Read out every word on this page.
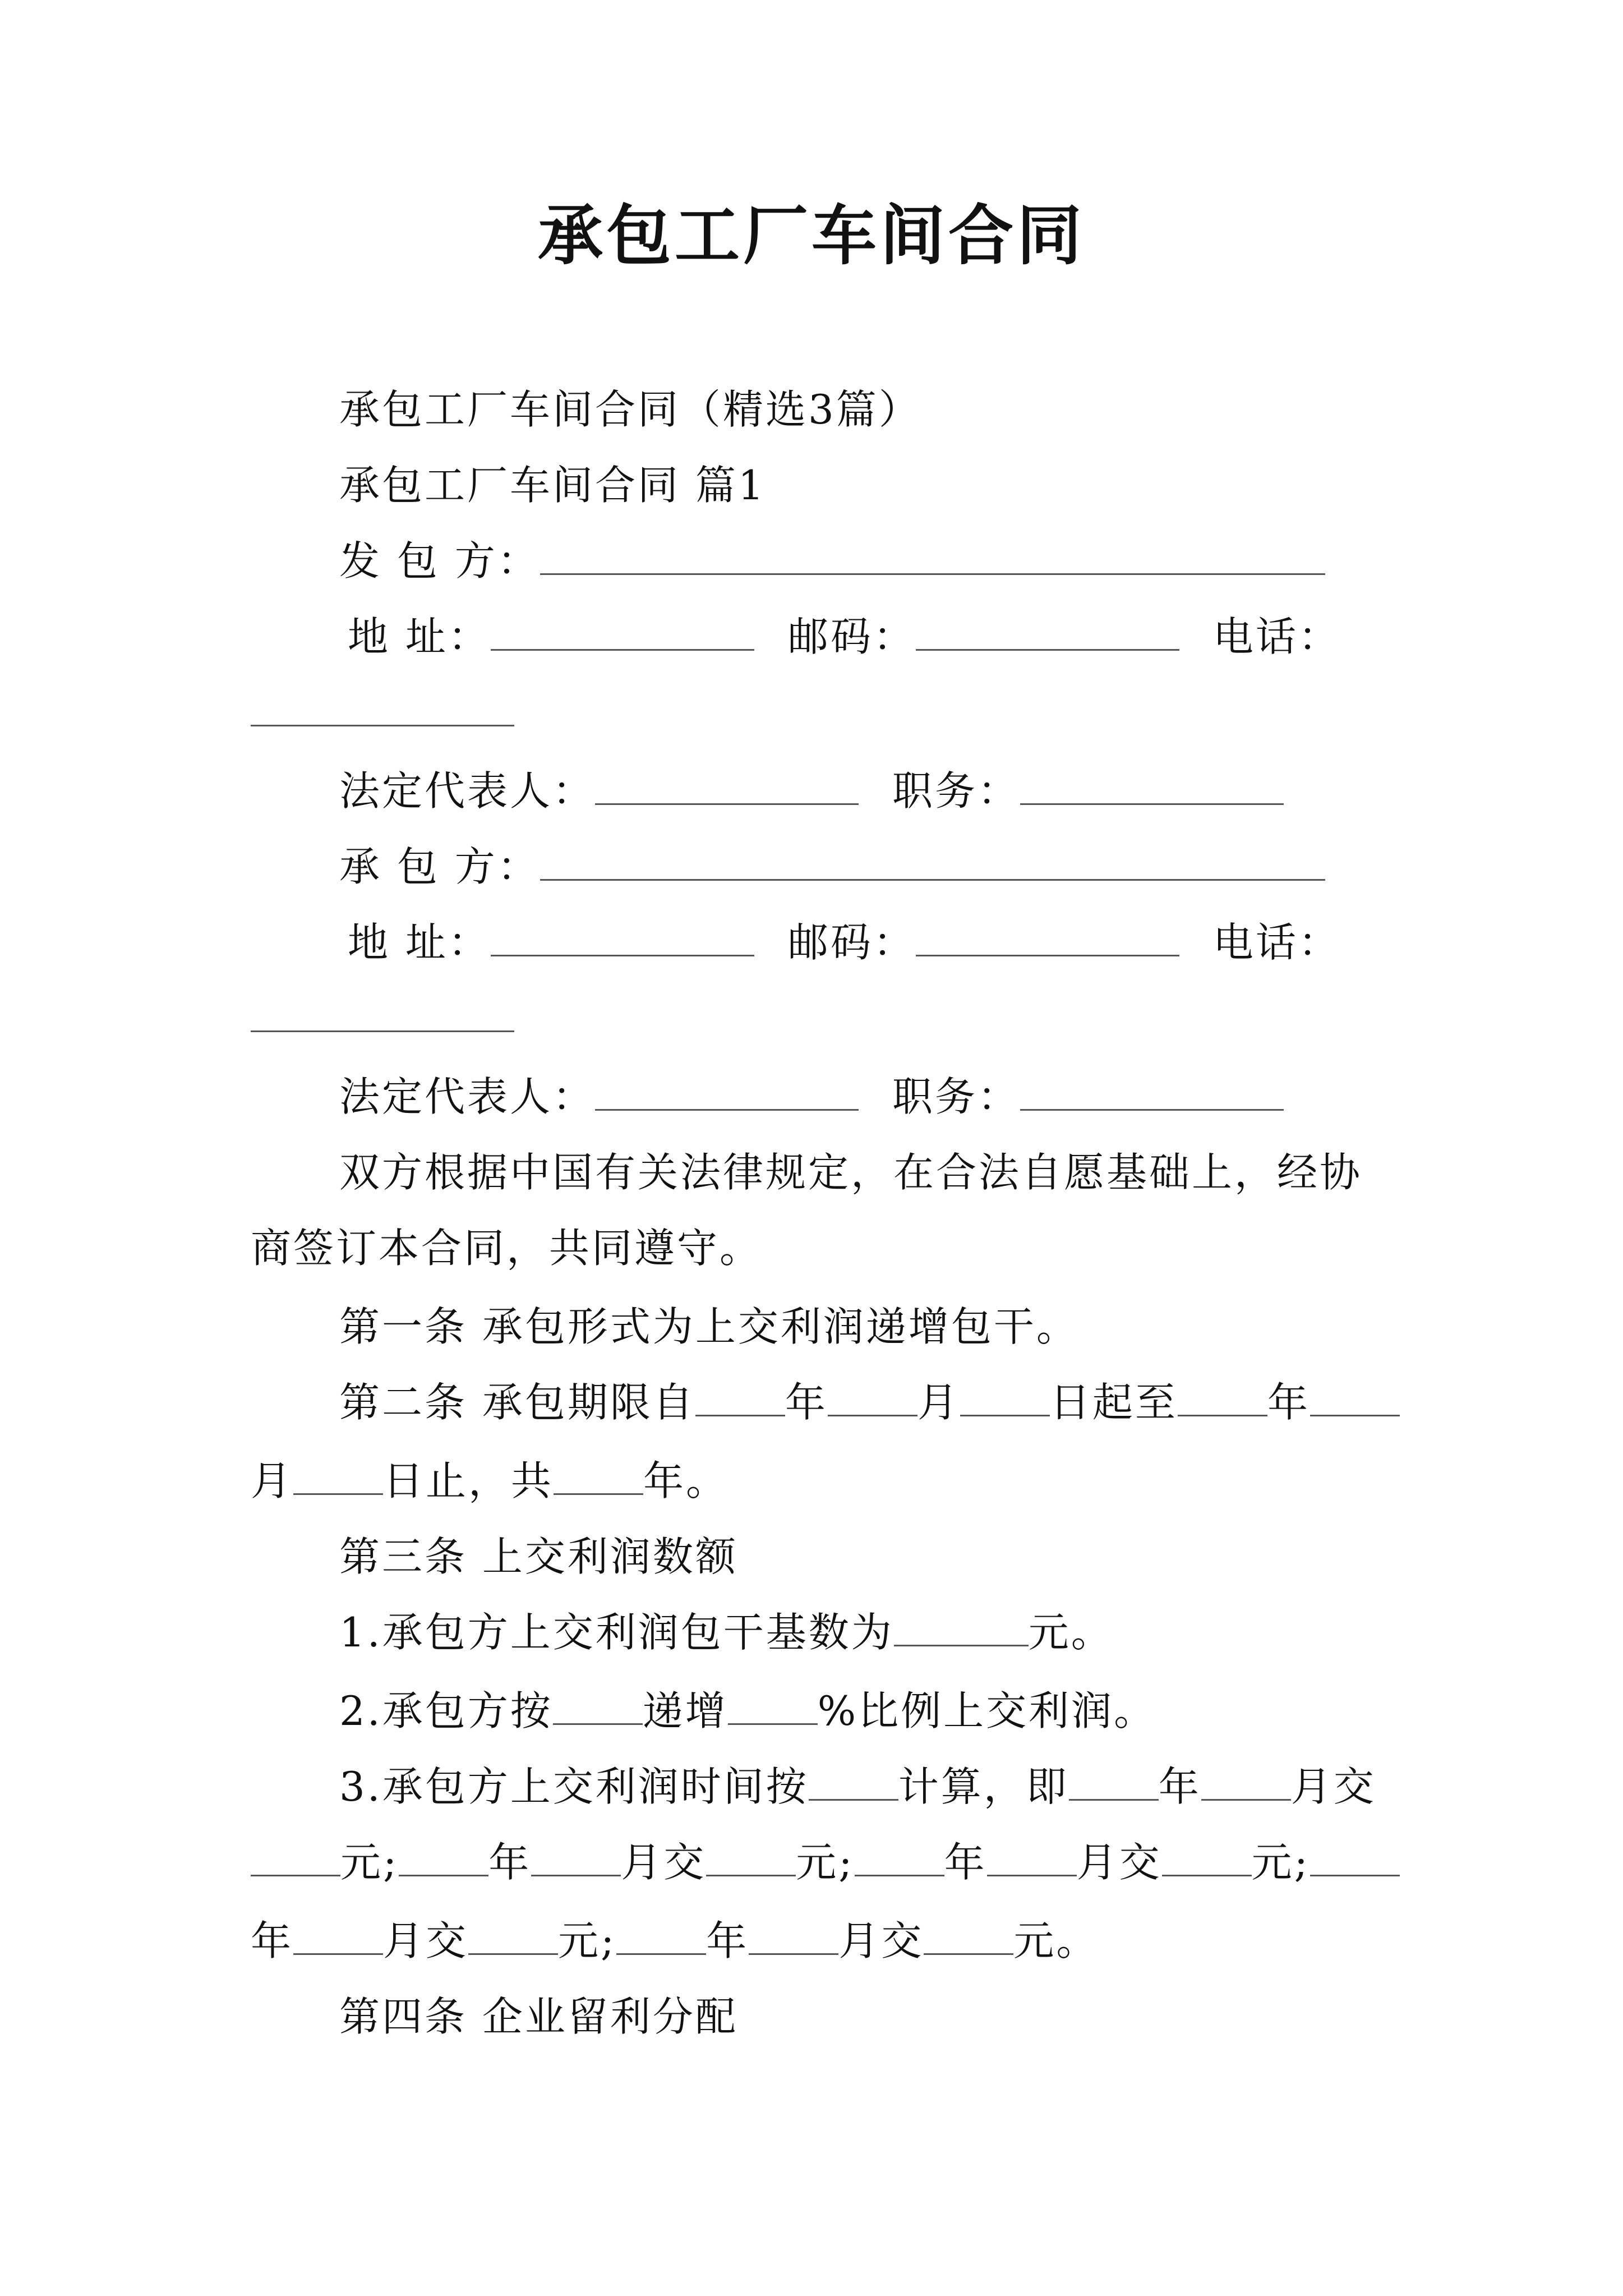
承包工厂车间合同
承包工厂车间合同（精选3篇）
承包工厂车间合同 篇1
发 包 方：
地 址：	邮码：	电话：
法定代表人：	职务：
承 包 方：
地 址：	邮码：	电话：
法定代表人：	职务：
双方根据中国有关法律规定，在合法自愿基础上，经协
商签订本合同，共同遵守。
第一条 承包形式为上交利润递增包干。
第二条 承包期限自 年 月 日起至 年
月 日止，共 年。
第三条 上交利润数额
1.承包方上交利润包干基数为	元。
2.承包方按 递增 %比例上交利润。
3.承包方上交利润时间按 计算，即 年 月交
元; 年 月交 元; 年 月交 元;
年 月交 元; 年 月交 元。
第四条 企业留利分配
